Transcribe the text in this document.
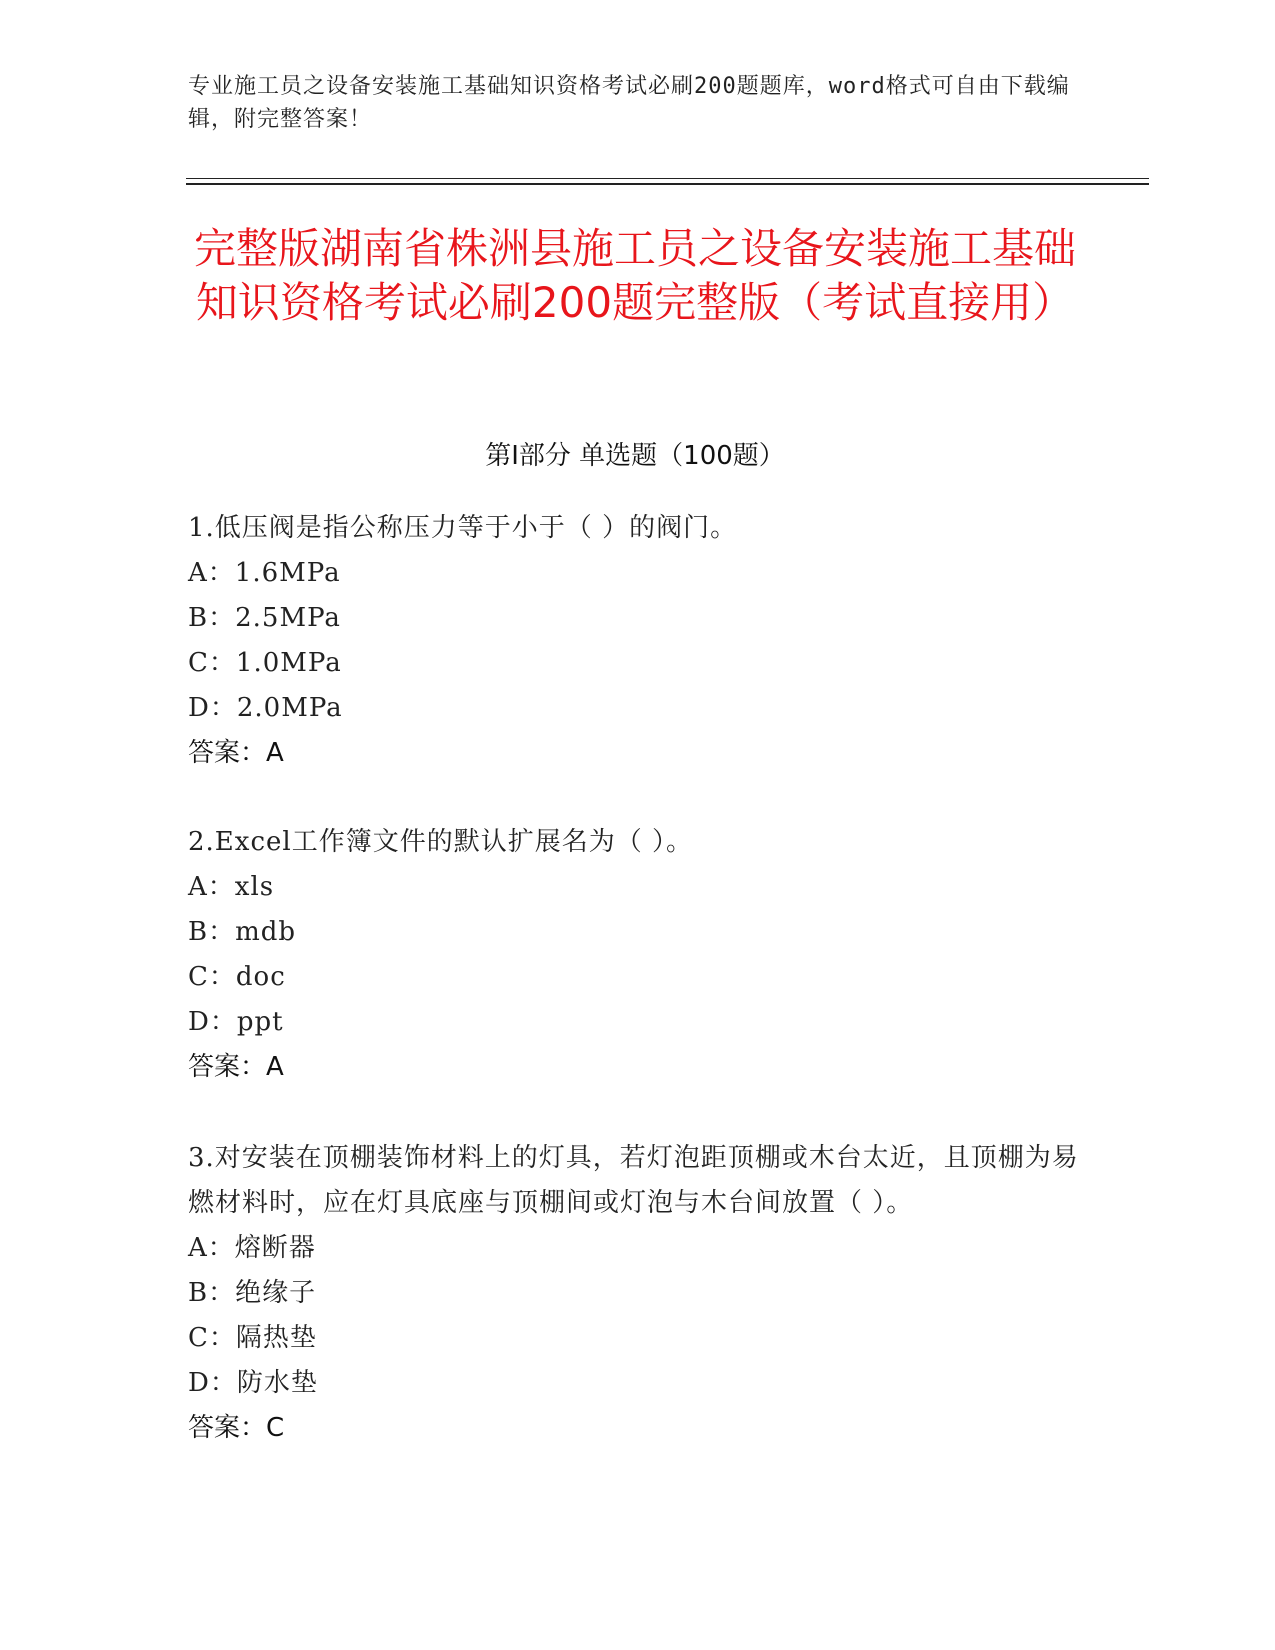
专业施工员之设备安装施工基础知识资格考试必刷200题题库，word格式可自由下载编辑，附完整答案！
完整版湖南省株洲县施工员之设备安装施工基础知识资格考试必刷200题完整版（考试直接用）
第I部分 单选题（100题）

1.低压阀是指公称压力等于小于（ ）的阀门。

A：1.6MPa

B：2.5MPa

C：1.0MPa

D：2.0MPa

答案：A

2.Excel工作簿文件的默认扩展名为（ ）。

A：xls

B：mdb

C：doc

D：ppt

答案：A

3.对安装在顶棚装饰材料上的灯具，若灯泡距顶棚或木台太近，且顶棚为易燃材料时，应在灯具底座与顶棚间或灯泡与木台间放置（ ）。

A：熔断器

B：绝缘子

C：隔热垫

D：防水垫

答案：C
